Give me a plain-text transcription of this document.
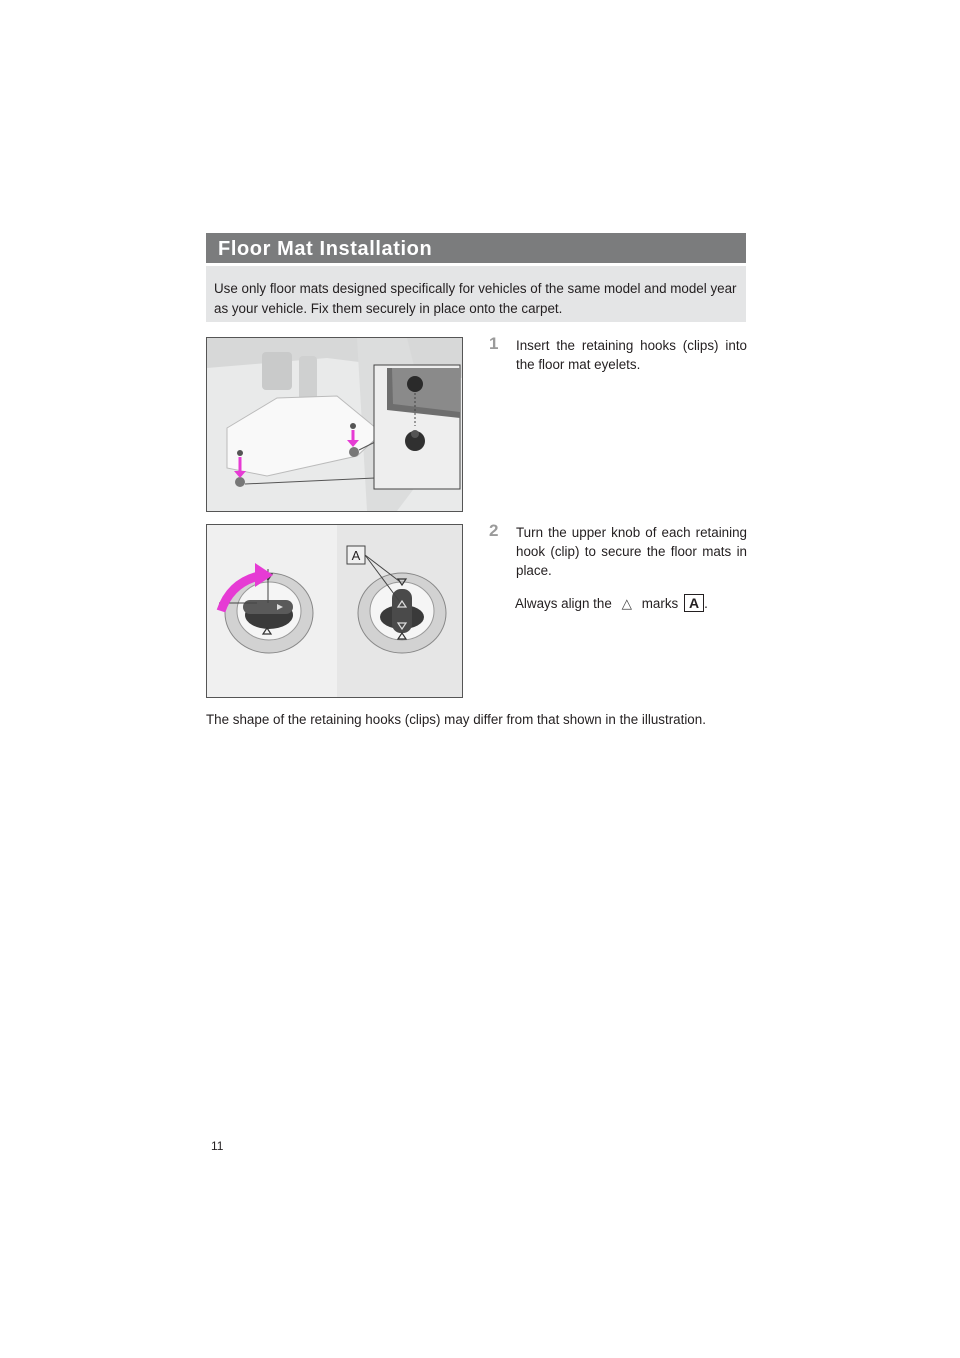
Floor Mat Installation
Use only floor mats designed specifically for vehicles of the same model and model year as your vehicle. Fix them securely in place onto the carpet.
1 Insert the retaining hooks (clips) into the floor mat eyelets.
A
2 Turn the upper knob of each retaining hook (clip) to secure the floor mats in place.
Always align the △ marks A .
The shape of the retaining hooks (clips) may differ from that shown in the illustration.
11
